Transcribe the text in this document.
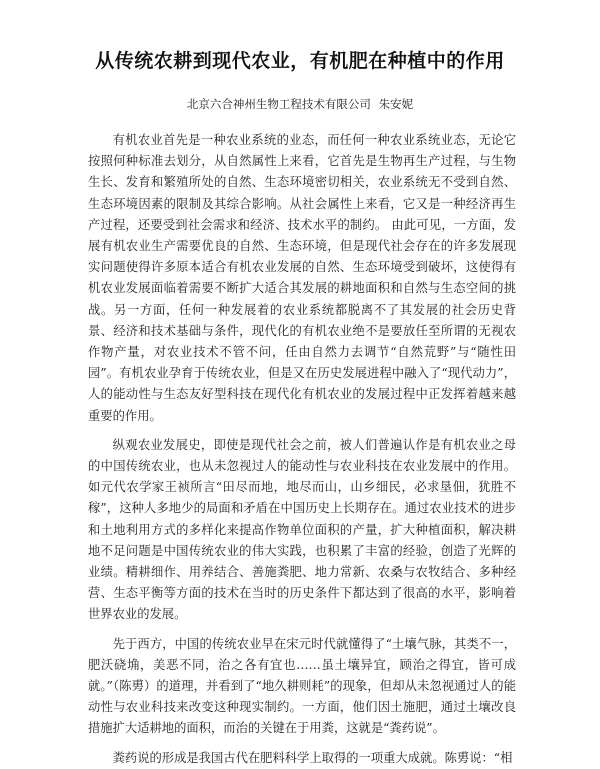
从传统农耕到现代农业，有机肥在种植中的作用
北京六合神州生物工程技术有限公司 朱安妮

有机农业首先是一种农业系统的业态，而任何一种农业系统业态，无论它按照何种标准去划分，从自然属性上来看，它首先是生物再生产过程，与生物生长、发育和繁殖所处的自然、生态环境密切相关，农业系统无不受到自然、生态环境因素的限制及其综合影响。从社会属性上来看，它又是一种经济再生产过程，还要受到社会需求和经济、技术水平的制约。 由此可见，一方面，发展有机农业生产需要优良的自然、生态环境，但是现代社会存在的许多发展现实问题使得许多原本适合有机农业发展的自然、生态环境受到破坏，这使得有机农业发展面临着需要不断扩大适合其发展的耕地面积和自然与生态空间的挑战。另一方面，任何一种发展着的农业系统都脱离不了其发展的社会历史背景、经济和技术基础与条件，现代化的有机农业绝不是要放任至所谓的无视农作物产量，对农业技术不管不问，任由自然力去调节“自然荒野”与“随性田园”。有机农业孕育于传统农业，但是又在历史发展进程中融入了“现代动力”，人的能动性与生态友好型科技在现代化有机农业的发展过程中正发挥着越来越重要的作用。

纵观农业发展史，即使是现代社会之前，被人们普遍认作是有机农业之母的中国传统农业，也从未忽视过人的能动性与农业科技在农业发展中的作用。如元代农学家王祯所言“田尽而地，地尽而山，山乡细民，必求垦佃，犹胜不稼”，这种人多地少的局面和矛盾在中国历史上长期存在。通过农业技术的进步和土地利用方式的多样化来提高作物单位面积的产量，扩大种植面积，解决耕地不足问题是中国传统农业的伟大实践，也积累了丰富的经验，创造了光辉的业绩。精耕细作、用养结合、善施粪肥、地力常新、农桑与农牧结合、多种经营、生态平衡等方面的技术在当时的历史条件下都达到了很高的水平，影响着世界农业的发展。

先于西方，中国的传统农业早在宋元时代就懂得了“土壤气脉，其类不一，肥沃硗埆，美恶不同，治之各有宜也……虽土壤异宜，顾治之得宜，皆可成就。”（陈旉）的道理，并看到了“地久耕则耗”的现象，但却从未忽视通过人的能动性与农业科技来改变这种现实制约。一方面，他们因土施肥，通过土壤改良措施扩大适耕地的面积，而治的关键在于用粪，这就是“粪药说”。

粪药说的形成是我国古代在肥料科学上取得的一项重大成就。陈旉说：“相
